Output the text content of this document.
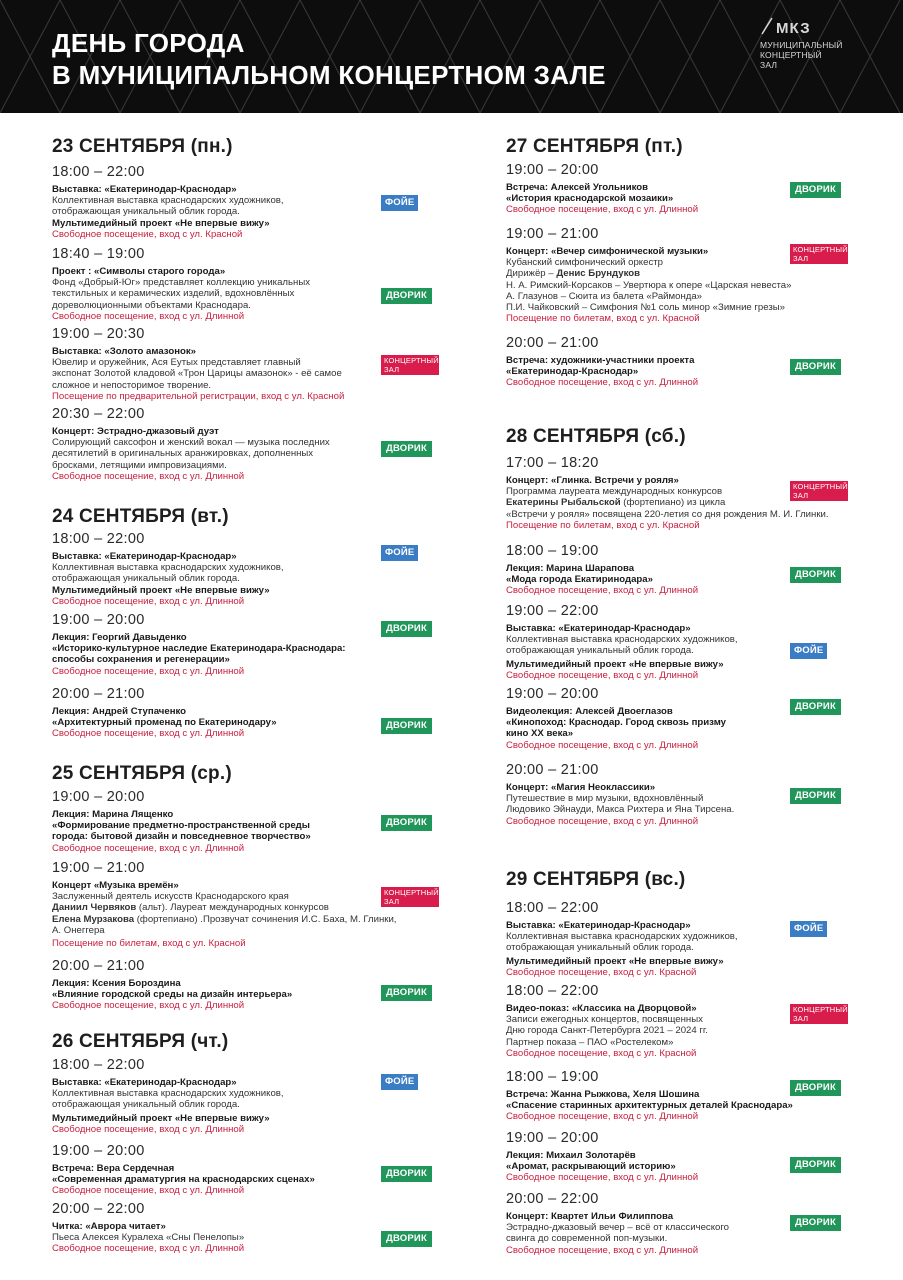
ДЕНЬ ГОРОДА
В МУНИЦИПАЛЬНОМ КОНЦЕРТНОМ ЗАЛЕ
МКЗ
МУНИЦИПАЛЬНЫЙ
КОНЦЕРТНЫЙ
ЗАЛ
23 СЕНТЯБРЯ (пн.)
18:00 – 22:00
Выставка: «Екатеринодар-Краснодар»
Коллективная выставка краснодарских художников,
отображающая уникальный облик города.
Мультимедийный проект «Не впервые вижу»
Свободное посещение, вход с ул. Красной
ФОЙЕ
18:40 – 19:00
Проект : «Символы старого города»
Фонд «Добрый-Юг» представляет коллекцию уникальных
текстильных и керамических изделий, вдохновлённых
дореволюционными объектами Краснодара.
Свободное посещение, вход с ул. Длинной
ДВОРИК
19:00 – 20:30
Выставка: «Золото амазонок»
Ювелир и оружейник, Ася Еутых представляет главный
экспонат Золотой кладовой «Трон Царицы амазонок» - её самое
сложное и непосторимое творение.
Посещение по предварительной регистрации, вход с ул. Красной
КОНЦЕРТНЫЙ
ЗАЛ
20:30 – 22:00
Концерт: Эстрадно-джазовый дуэт
Солирующий саксофон и женский вокал — музыка последних
десятилетий в оригинальных аранжировках, дополненных
бросками, летящими импровизациями.
Свободное посещение, вход с ул. Длинной
ДВОРИК
24 СЕНТЯБРЯ (вт.)
18:00 – 22:00
Выставка: «Екатеринодар-Краснодар»
Коллективная выставка краснодарских художников,
отображающая уникальный облик города.
Мультимедийный проект «Не впервые вижу»
Свободное посещение, вход с ул. Длинной
ФОЙЕ
19:00 – 20:00
Лекция: Георгий Давыденко
«Историко-культурное наследие Екатеринодара-Краснодара:
способы сохранения и регенерации»
Свободное посещение, вход с ул. Длинной
ДВОРИК
20:00 – 21:00
Лекция: Андрей Ступаченко
«Архитектурный променад по Екатеринодару»
Свободное посещение, вход с ул. Длинной
ДВОРИК
25 СЕНТЯБРЯ (ср.)
19:00 – 20:00
Лекция: Марина Лященко
«Формирование предметно-пространственной среды
города: бытовой дизайн и повседневное творчество»
Свободное посещение, вход с ул. Длинной
ДВОРИК
19:00 – 21:00
Концерт «Музыка времён»
Заслуженный деятель искусств Краснодарского края
Даниил Червяков (альт). Лауреат международных конкурсов
Елена Мурзакова (фортепиано) .Прозвучат сочинения И.С. Баха, М. Глинки,
А. Онеггера
Посещение по билетам, вход с ул. Красной
КОНЦЕРТНЫЙ
ЗАЛ
20:00 – 21:00
Лекция: Ксения Бороздина
«Влияние городской среды на дизайн интерьера»
Свободное посещение, вход с ул. Длинной
ДВОРИК
26 СЕНТЯБРЯ (чт.)
18:00 – 22:00
Выставка: «Екатеринодар-Краснодар»
Коллективная выставка краснодарских художников,
отображающая уникальный облик города.
Мультимедийный проект «Не впервые вижу»
Свободное посещение, вход с ул. Длинной
ФОЙЕ
19:00 – 20:00
Встреча: Вера Сердечная
«Современная драматургия на краснодарских сценах»
Свободное посещение, вход с ул. Длинной
ДВОРИК
20:00 – 22:00
Читка: «Аврора читает»
Пьеса Алексея Куралеха «Сны Пенелопы»
Свободное посещение, вход с ул. Длинной
ДВОРИК
27 СЕНТЯБРЯ (пт.)
19:00 – 20:00
Встреча: Алексей Угольников
«История краснодарской мозаики»
Свободное посещение, вход с ул. Длинной
ДВОРИК
19:00 – 21:00
Концерт: «Вечер симфонической музыки»
Кубанский симфонический оркестр
Дирижёр – Денис Брундуков
Н. А. Римский-Корсаков – Увертюра к опере «Царская невеста»
А. Глазунов – Сюита из балета «Раймонда»
П.И. Чайковский – Симфония №1 соль минор «Зимние грезы»
Посещение по билетам, вход с ул. Красной
КОНЦЕРТНЫЙ
ЗАЛ
20:00 – 21:00
Встреча: художники-участники проекта
«Екатеринодар-Краснодар»
Свободное посещение, вход с ул. Длинной
ДВОРИК
28 СЕНТЯБРЯ (сб.)
17:00 – 18:20
Концерт: «Глинка. Встречи у рояля»
Программа лауреата международных конкурсов
Екатерины Рыбальской (фортепиано) из цикла
«Встречи у рояля» посвящена 220-летия со дня рождения М. И. Глинки.
Посещение по билетам, вход с ул. Красной
КОНЦЕРТНЫЙ
ЗАЛ
18:00 – 19:00
Лекция: Марина Шарапова
«Мода города Екатиринодара»
Свободное посещение, вход с ул. Длинной
ДВОРИК
19:00 – 22:00
Выставка: «Екатеринодар-Краснодар»
Коллективная выставка краснодарских художников,
отображающая уникальный облик города.
Мультимедийный проект «Не впервые вижу»
Свободное посещение, вход с ул. Длинной
ФОЙЕ
19:00 – 20:00
Видеолекция: Алексей Двоеглазов
«Кинопоход: Краснодар. Город сквозь призму
кино XX века»
Свободное посещение, вход с ул. Длинной
ДВОРИК
20:00 – 21:00
Концерт: «Магия Неоклассики»
Путешествие в мир музыки, вдохновлённый
Людовико Эйнауди, Макса Рихтера и Яна Тирсена.
Свободное посещение, вход с ул. Длинной
ДВОРИК
29 СЕНТЯБРЯ (вс.)
18:00 – 22:00
Выставка: «Екатеринодар-Краснодар»
Коллективная выставка краснодарских художников,
отображающая уникальный облик города.
Мультимедийный проект «Не впервые вижу»
Свободное посещение, вход с ул. Красной
ФОЙЕ
18:00 – 22:00
Видео-показ: «Классика на Дворцовой»
Записи ежегодных концертов, посвященных
Дню города Санкт-Петербурга 2021 – 2024 гг.
Партнер показа – ПАО «Ростелеком»
Свободное посещение, вход с ул. Красной
КОНЦЕРТНЫЙ
ЗАЛ
18:00 – 19:00
Встреча: Жанна Рыжкова, Хеля Шошина
«Спасение старинных архитектурных деталей Краснодара»
Свободное посещение, вход с ул. Длинной
ДВОРИК
19:00 – 20:00
Лекция: Михаил Золотарёв
«Аромат, раскрывающий историю»
Свободное посещение, вход с ул. Длинной
ДВОРИК
20:00 – 22:00
Концерт: Квартет Ильи Филиппова
Эстрадно-джазовый вечер – всё от классического
свинга до современной поп-музыки.
Свободное посещение, вход с ул. Длинной
ДВОРИК
